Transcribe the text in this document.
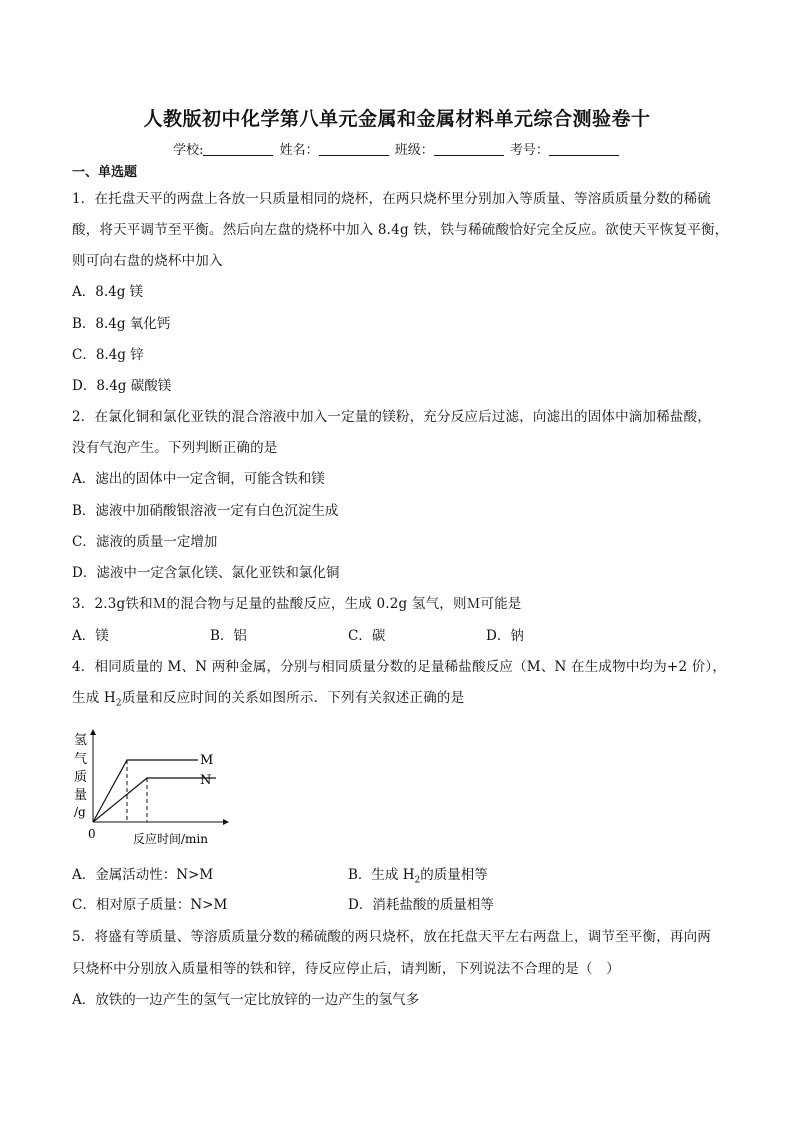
人教版初中化学第八单元金属和金属材料单元综合测验卷十
学校:	姓名：	班级：	考号：
一、单选题
1．在托盘天平的两盘上各放一只质量相同的烧杯，在两只烧杯里分别加入等质量、等溶质质量分数的稀硫
酸，将天平调节至平衡。然后向左盘的烧杯中加入 8.4g 铁，铁与稀硫酸恰好完全反应。欲使天平恢复平衡，
则可向右盘的烧杯中加入
A．8.4g 镁
B．8.4g 氧化钙
C．8.4g 锌
D．8.4g 碳酸镁
2．在氯化铜和氯化亚铁的混合溶液中加入一定量的镁粉，充分反应后过滤，向滤出的固体中滴加稀盐酸，
没有气泡产生。下列判断正确的是
A．滤出的固体中一定含铜，可能含铁和镁
B．滤液中加硝酸银溶液一定有白色沉淀生成
C．滤液的质量一定增加
D．滤液中一定含氯化镁、氯化亚铁和氯化铜
3．2.3g铁和Ｍ的混合物与足量的盐酸反应，生成 0.2g 氢气，则Ｍ可能是
A．镁	B．铝	C．碳	D．钠
4．相同质量的 M、N 两种金属，分别与相同质量分数的足量稀盐酸反应（M、N 在生成物中均为+2 价），
生成 $H_2$质量和反应时间的关系如图所示．下列有关叙述正确的是
氢
气
质
量
/g
0	反应时间/min
M
N
A．金属活动性：N>M	B．生成 $H_2$的质量相等
C．相对原子质量：N>M	D．消耗盐酸的质量相等
5．将盛有等质量、等溶质质量分数的稀硫酸的两只烧杯，放在托盘天平左右两盘上，调节至平衡，再向两
只烧杯中分别放入质量相等的铁和锌，待反应停止后，请判断，下列说法不合理的是（　）
A．放铁的一边产生的氢气一定比放锌的一边产生的氢气多
